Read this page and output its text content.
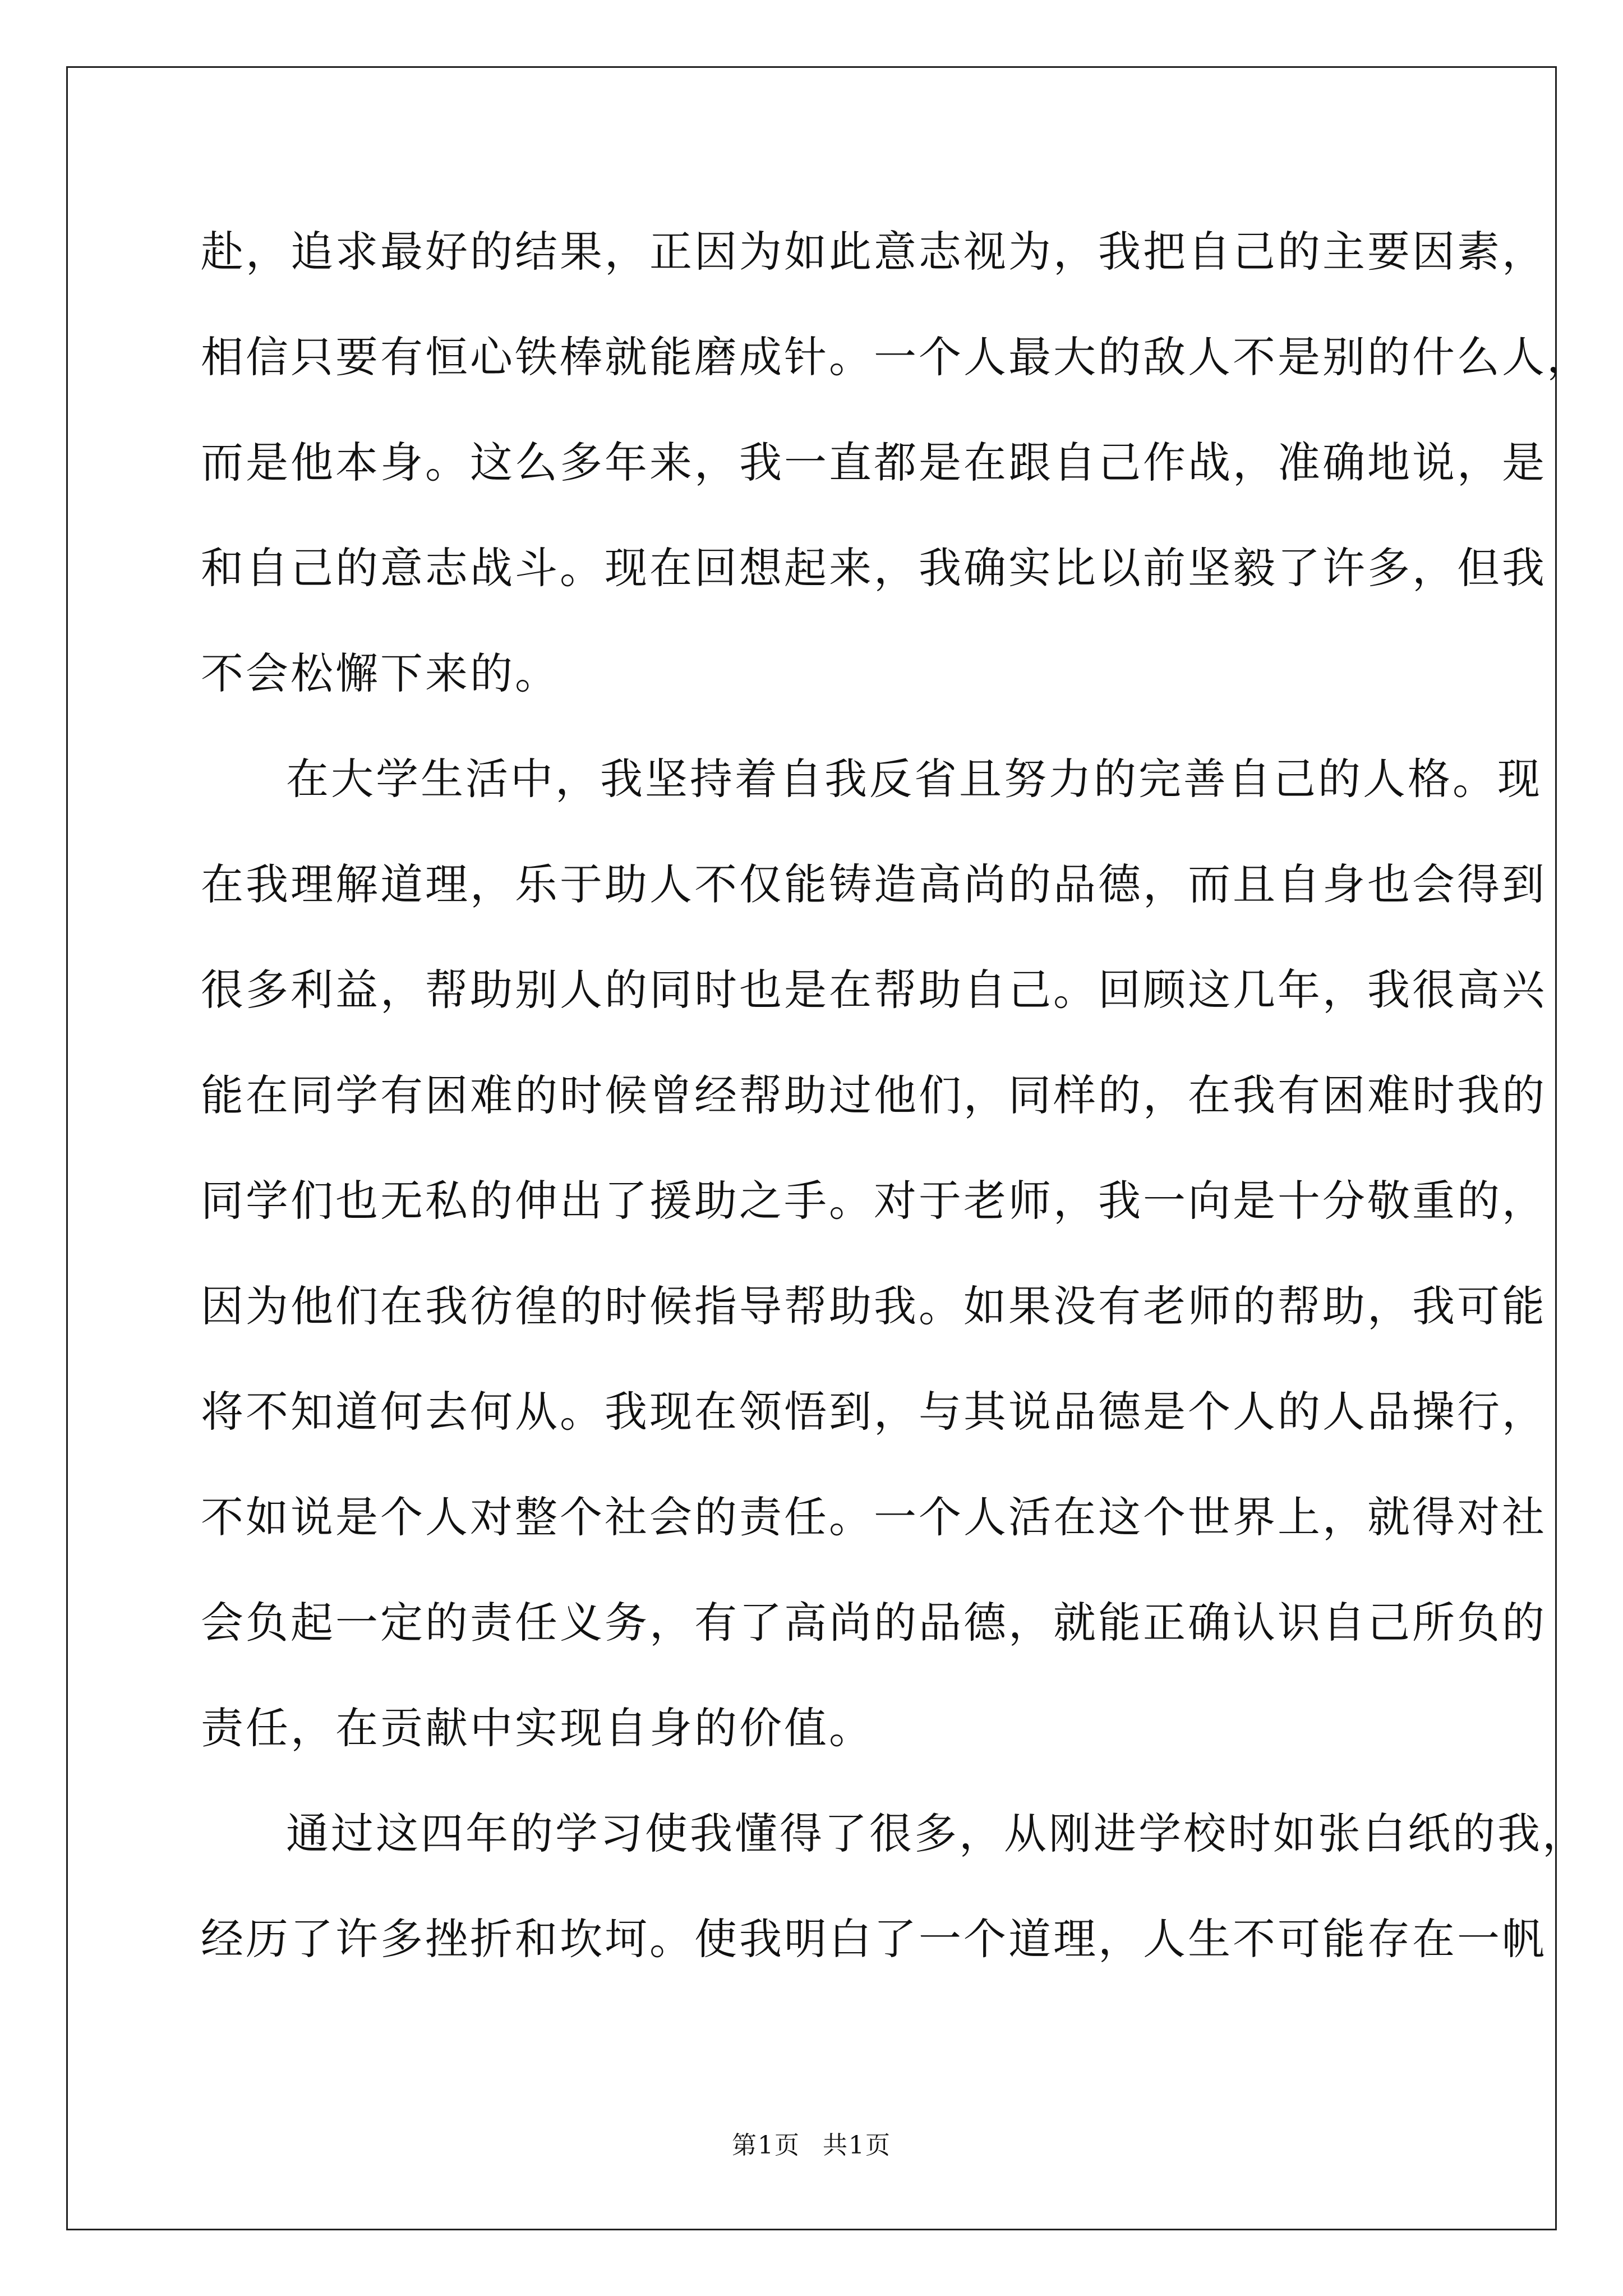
赴，追求最好的结果，正因为如此意志视为，我把自己的主要因素，
相信只要有恒心铁棒就能磨成针。一个人最大的敌人不是别的什么人，
而是他本身。这么多年来，我一直都是在跟自己作战，准确地说，是
和自己的意志战斗。现在回想起来，我确实比以前坚毅了许多，但我
不会松懈下来的。
在大学生活中，我坚持着自我反省且努力的完善自己的人格。现
在我理解道理，乐于助人不仅能铸造高尚的品德，而且自身也会得到
很多利益，帮助别人的同时也是在帮助自己。回顾这几年，我很高兴
能在同学有困难的时候曾经帮助过他们，同样的，在我有困难时我的
同学们也无私的伸出了援助之手。对于老师，我一向是十分敬重的，
因为他们在我彷徨的时候指导帮助我。如果没有老师的帮助，我可能
将不知道何去何从。我现在领悟到，与其说品德是个人的人品操行，
不如说是个人对整个社会的责任。一个人活在这个世界上，就得对社
会负起一定的责任义务，有了高尚的品德，就能正确认识自己所负的
责任，在贡献中实现自身的价值。
通过这四年的学习使我懂得了很多，从刚进学校时如张白纸的我，
经历了许多挫折和坎坷。使我明白了一个道理，人生不可能存在一帆
第1页 共1页
